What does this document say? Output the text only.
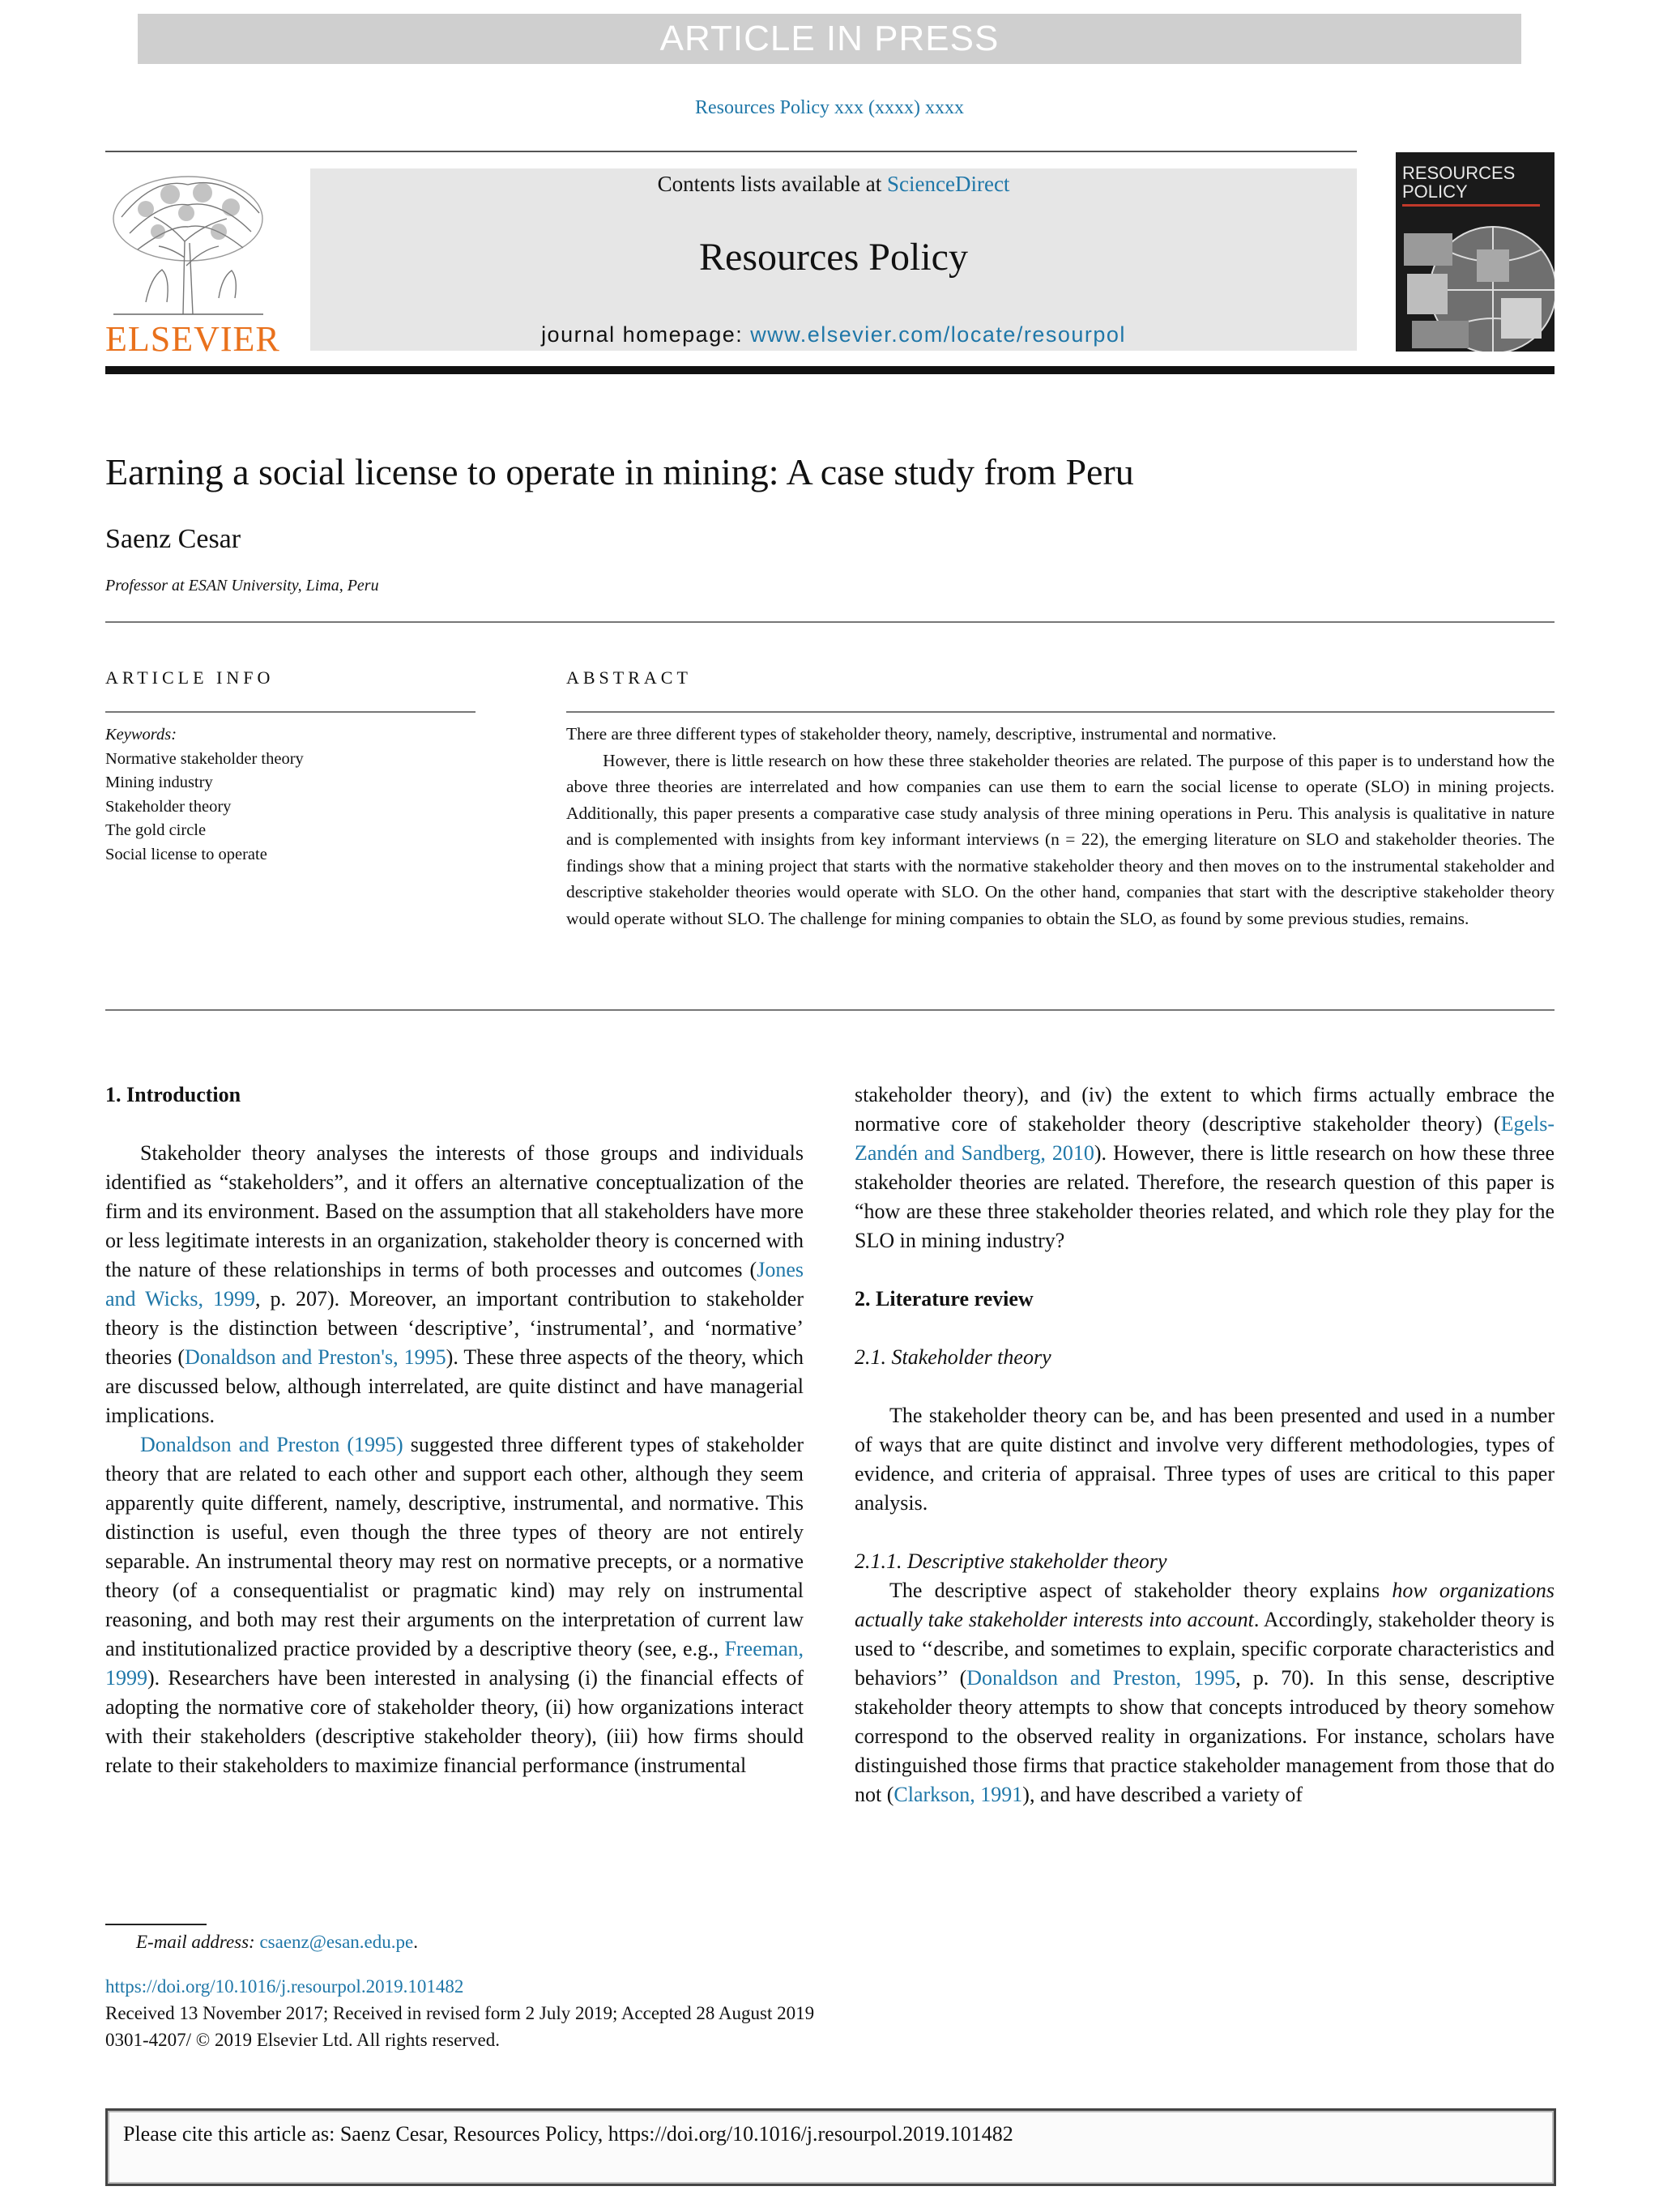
ARTICLE IN PRESS
Resources Policy xxx (xxxx) xxxx
ELSEVIER
Contents lists available at ScienceDirect
Resources Policy
journal homepage: www.elsevier.com/locate/resourpol
RESOURCES
POLICY
Earning a social license to operate in mining: A case study from Peru
Saenz Cesar
Professor at ESAN University, Lima, Peru
ARTICLE INFO	ABSTRACT
Keywords:
Normative stakeholder theory
Mining industry
Stakeholder theory
The gold circle
Social license to operate

There are three different types of stakeholder theory, namely, descriptive, instrumental and normative.

However, there is little research on how these three stakeholder theories are related. The purpose of this paper is to understand how the above three theories are interrelated and how companies can use them to earn the social license to operate (SLO) in mining projects. Additionally, this paper presents a comparative case study analysis of three mining operations in Peru. This analysis is qualitative in nature and is complemented with insights from key informant interviews (n = 22), the emerging literature on SLO and stakeholder theories. The findings show that a mining project that starts with the normative stakeholder theory and then moves on to the instrumental stakeholder and descriptive stakeholder theories would operate with SLO. On the other hand, companies that start with the descriptive stakeholder theory would operate without SLO. The challenge for mining companies to obtain the SLO, as found by some previous studies, remains.

1. Introduction

Stakeholder theory analyses the interests of those groups and individuals identified as “stakeholders”, and it offers an alternative conceptualization of the firm and its environment. Based on the assumption that all stakeholders have more or less legitimate interests in an organization, stakeholder theory is concerned with the nature of these relationships in terms of both processes and outcomes (Jones and Wicks, 1999, p. 207). Moreover, an important contribution to stakeholder theory is the distinction between ‘descriptive’, ‘instrumental’, and ‘normative’ theories (Donaldson and Preston's, 1995). These three aspects of the theory, which are discussed below, although interrelated, are quite distinct and have managerial implications.

Donaldson and Preston (1995) suggested three different types of stakeholder theory that are related to each other and support each other, although they seem apparently quite different, namely, descriptive, instrumental, and normative. This distinction is useful, even though the three types of theory are not entirely separable. An instrumental theory may rest on normative precepts, or a normative theory (of a consequentialist or pragmatic kind) may rely on instrumental reasoning, and both may rest their arguments on the interpretation of current law and institutionalized practice provided by a descriptive theory (see, e.g., Freeman, 1999). Researchers have been interested in analysing (i) the financial effects of adopting the normative core of stakeholder theory, (ii) how organizations interact with their stakeholders (descriptive stakeholder theory), (iii) how firms should relate to their stakeholders to maximize financial performance (instrumental

stakeholder theory), and (iv) the extent to which firms actually embrace the normative core of stakeholder theory (descriptive stakeholder theory) (Egels-Zandén and Sandberg, 2010). However, there is little research on how these three stakeholder theories are related. Therefore, the research question of this paper is “how are these three stakeholder theories related, and which role they play for the SLO in mining industry?

2. Literature review

2.1. Stakeholder theory

The stakeholder theory can be, and has been presented and used in a number of ways that are quite distinct and involve very different methodologies, types of evidence, and criteria of appraisal. Three types of uses are critical to this paper analysis.

2.1.1. Descriptive stakeholder theory

The descriptive aspect of stakeholder theory explains how organizations actually take stakeholder interests into account. Accordingly, stakeholder theory is used to ‘‘describe, and sometimes to explain, specific corporate characteristics and behaviors’’ (Donaldson and Preston, 1995, p. 70). In this sense, descriptive stakeholder theory attempts to show that concepts introduced by theory somehow correspond to the observed reality in organizations. For instance, scholars have distinguished those firms that practice stakeholder management from those that do not (Clarkson, 1991), and have described a variety of

E-mail address: csaenz@esan.edu.pe.
https://doi.org/10.1016/j.resourpol.2019.101482
Received 13 November 2017; Received in revised form 2 July 2019; Accepted 28 August 2019
0301-4207/ © 2019 Elsevier Ltd. All rights reserved.
Please cite this article as: Saenz Cesar, Resources Policy, https://doi.org/10.1016/j.resourpol.2019.101482
